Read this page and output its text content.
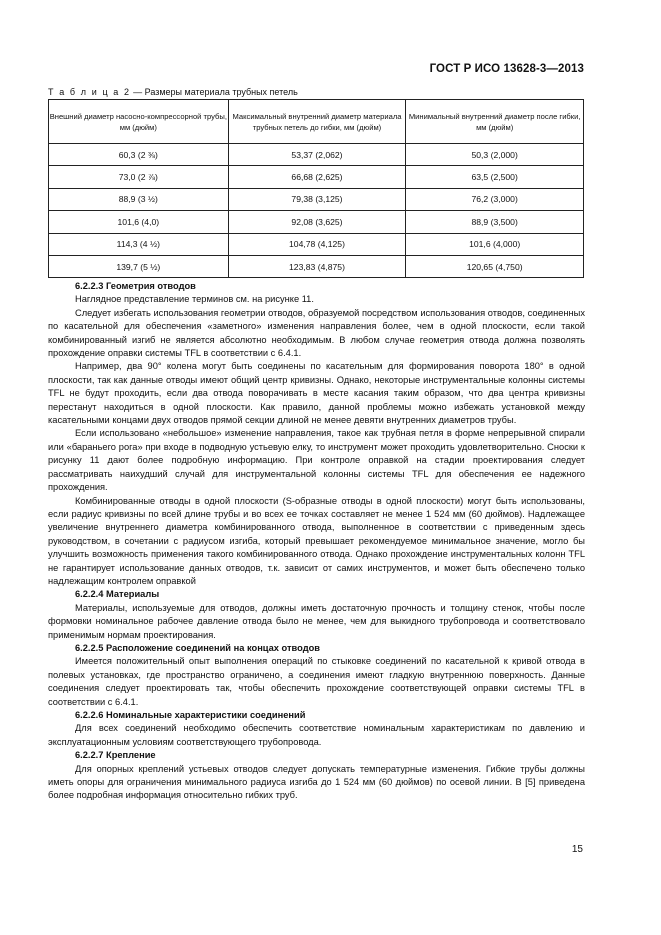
ГОСТ Р ИСО 13628-3—2013
Т а б л и ц а 2 — Размеры материала трубных петель
Внешний диаметр насосно-компрессорной трубы, мм (дюйм)	Максимальный внутренний диаметр материала трубных петель до гибки, мм (дюйм)	Минимальный внутренний диаметр после гибки, мм (дюйм)
60,3 (2 ⅜)	53,37 (2,062)	50,3 (2,000)
73,0 (2 ⅞)	66,68 (2,625)	63,5 (2,500)
88,9 (3 ½)	79,38 (3,125)	76,2 (3,000)
101,6 (4,0)	92,08 (3,625)	88,9 (3,500)
114,3 (4 ½)	104,78 (4,125)	101,6 (4,000)
139,7 (5 ½)	123,83 (4,875)	120,65 (4,750)

6.2.2.3 Геометрия отводов

Наглядное представление терминов см. на рисунке 11.

Следует избегать использования геометрии отводов, образуемой посредством использования отводов, соединенных по касательной для обеспечения «заметного» изменения направления более, чем в одной плоскости, если такой комбинированный изгиб не является абсолютно необходимым. В любом случае геометрия отвода должна позволять прохождение оправки системы TFL в соответствии с 6.4.1.

Например, два 90° колена могут быть соединены по касательным для формирования поворота 180° в одной плоскости, так как данные отводы имеют общий центр кривизны. Однако, некоторые инструментальные колонны системы TFL не будут проходить, если два отвода поворачивать в месте касания таким образом, что два центра кривизны перестанут находиться в одной плоскости. Как правило, данной проблемы можно избежать установкой между касательными концами двух отводов прямой секции длиной не менее девяти внутренних диаметров трубы.

Если использовано «небольшое» изменение направления, такое как трубная петля в форме непрерывной спирали или «бараньего рога» при входе в подводную устьевую елку, то инструмент может проходить удовлетворительно. Сноски к рисунку 11 дают более подробную информацию. При контроле оправкой на стадии проектирования следует рассматривать наихудший случай для инструментальной колонны системы TFL для обеспечения ее надежного прохождения.

Комбинированные отводы в одной плоскости (S-образные отводы в одной плоскости) могут быть использованы, если радиус кривизны по всей длине трубы и во всех ее точках составляет не менее 1 524 мм (60 дюймов). Надлежащее увеличение внутреннего диаметра комбинированного отвода, выполненное в соответствии с приведенным здесь руководством, в сочетании с радиусом изгиба, который превышает рекомендуемое минимальное значение, могло бы улучшить возможность применения такого комбинированного отвода. Однако прохождение инструментальных колонн TFL не гарантирует использование данных отводов, т.к. зависит от самих инструментов, и может быть обеспечено только надлежащим контролем оправкой

6.2.2.4 Материалы

Материалы, используемые для отводов, должны иметь достаточную прочность и толщину стенок, чтобы после формовки номинальное рабочее давление отвода было не менее, чем для выкидного трубопровода и соответствовало применимым нормам проектирования.

6.2.2.5 Расположение соединений на концах отводов

Имеется положительный опыт выполнения операций по стыковке соединений по касательной к кривой отвода в полевых установках, где пространство ограничено, а соединения имеют гладкую внутреннюю поверхность. Данные соединения следует проектировать так, чтобы обеспечить прохождение соответствующей оправки системы TFL в соответствии с 6.4.1.

6.2.2.6 Номинальные характеристики соединений

Для всех соединений необходимо обеспечить соответствие номинальным характеристикам по давлению и эксплуатационным условиям соответствующего трубопровода.

6.2.2.7 Крепление

Для опорных креплений устьевых отводов следует допускать температурные изменения. Гибкие трубы должны иметь опоры для ограничения минимального радиуса изгиба до 1 524 мм (60 дюймов) по осевой линии. В [5] приведена более подробная информация относительно гибких труб.

15
